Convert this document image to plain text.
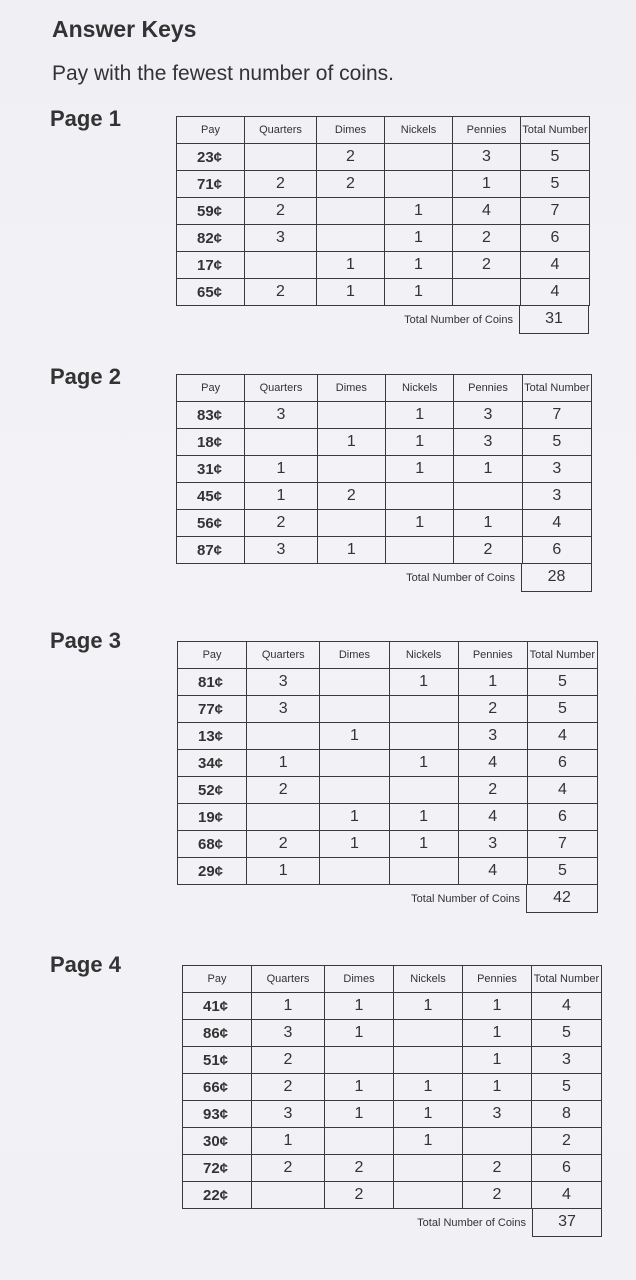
Answer Keys

Pay with the fewest number of coins.

Page 1	Pay	Quarters	Dimes	Nickels	Pennies	Total Number
23¢		2		3	5
71¢	2	2		1	5
59¢	2		1	4	7
82¢	3		1	2	6
17¢		1	1	2	4
65¢	2	1	1		4
Total Number of Coins	31
Page 2	Pay	Quarters	Dimes	Nickels	Pennies	Total Number
83¢	3		1	3	7
18¢		1	1	3	5
31¢	1		1	1	3
45¢	1	2			3
56¢	2		1	1	4
87¢	3	1		2	6
Total Number of Coins	28
Page 3
Pay	Quarters	Dimes	Nickels	Pennies	Total Number
81¢	3		1	1	5
77¢	3			2	5
13¢		1		3	4
34¢	1		1	4	6
52¢	2			2	4
19¢		1	1	4	6
68¢	2	1	1	3	7
29¢	1			4	5
Total Number of Coins	42
Page 4
Pay	Quarters	Dimes	Nickels	Pennies	Total Number
41¢	1	1	1	1	4
86¢	3	1		1	5
51¢	2			1	3
66¢	2	1	1	1	5
93¢	3	1	1	3	8
30¢	1		1		2
72¢	2	2		2	6
22¢		2		2	4
Total Number of Coins	37
